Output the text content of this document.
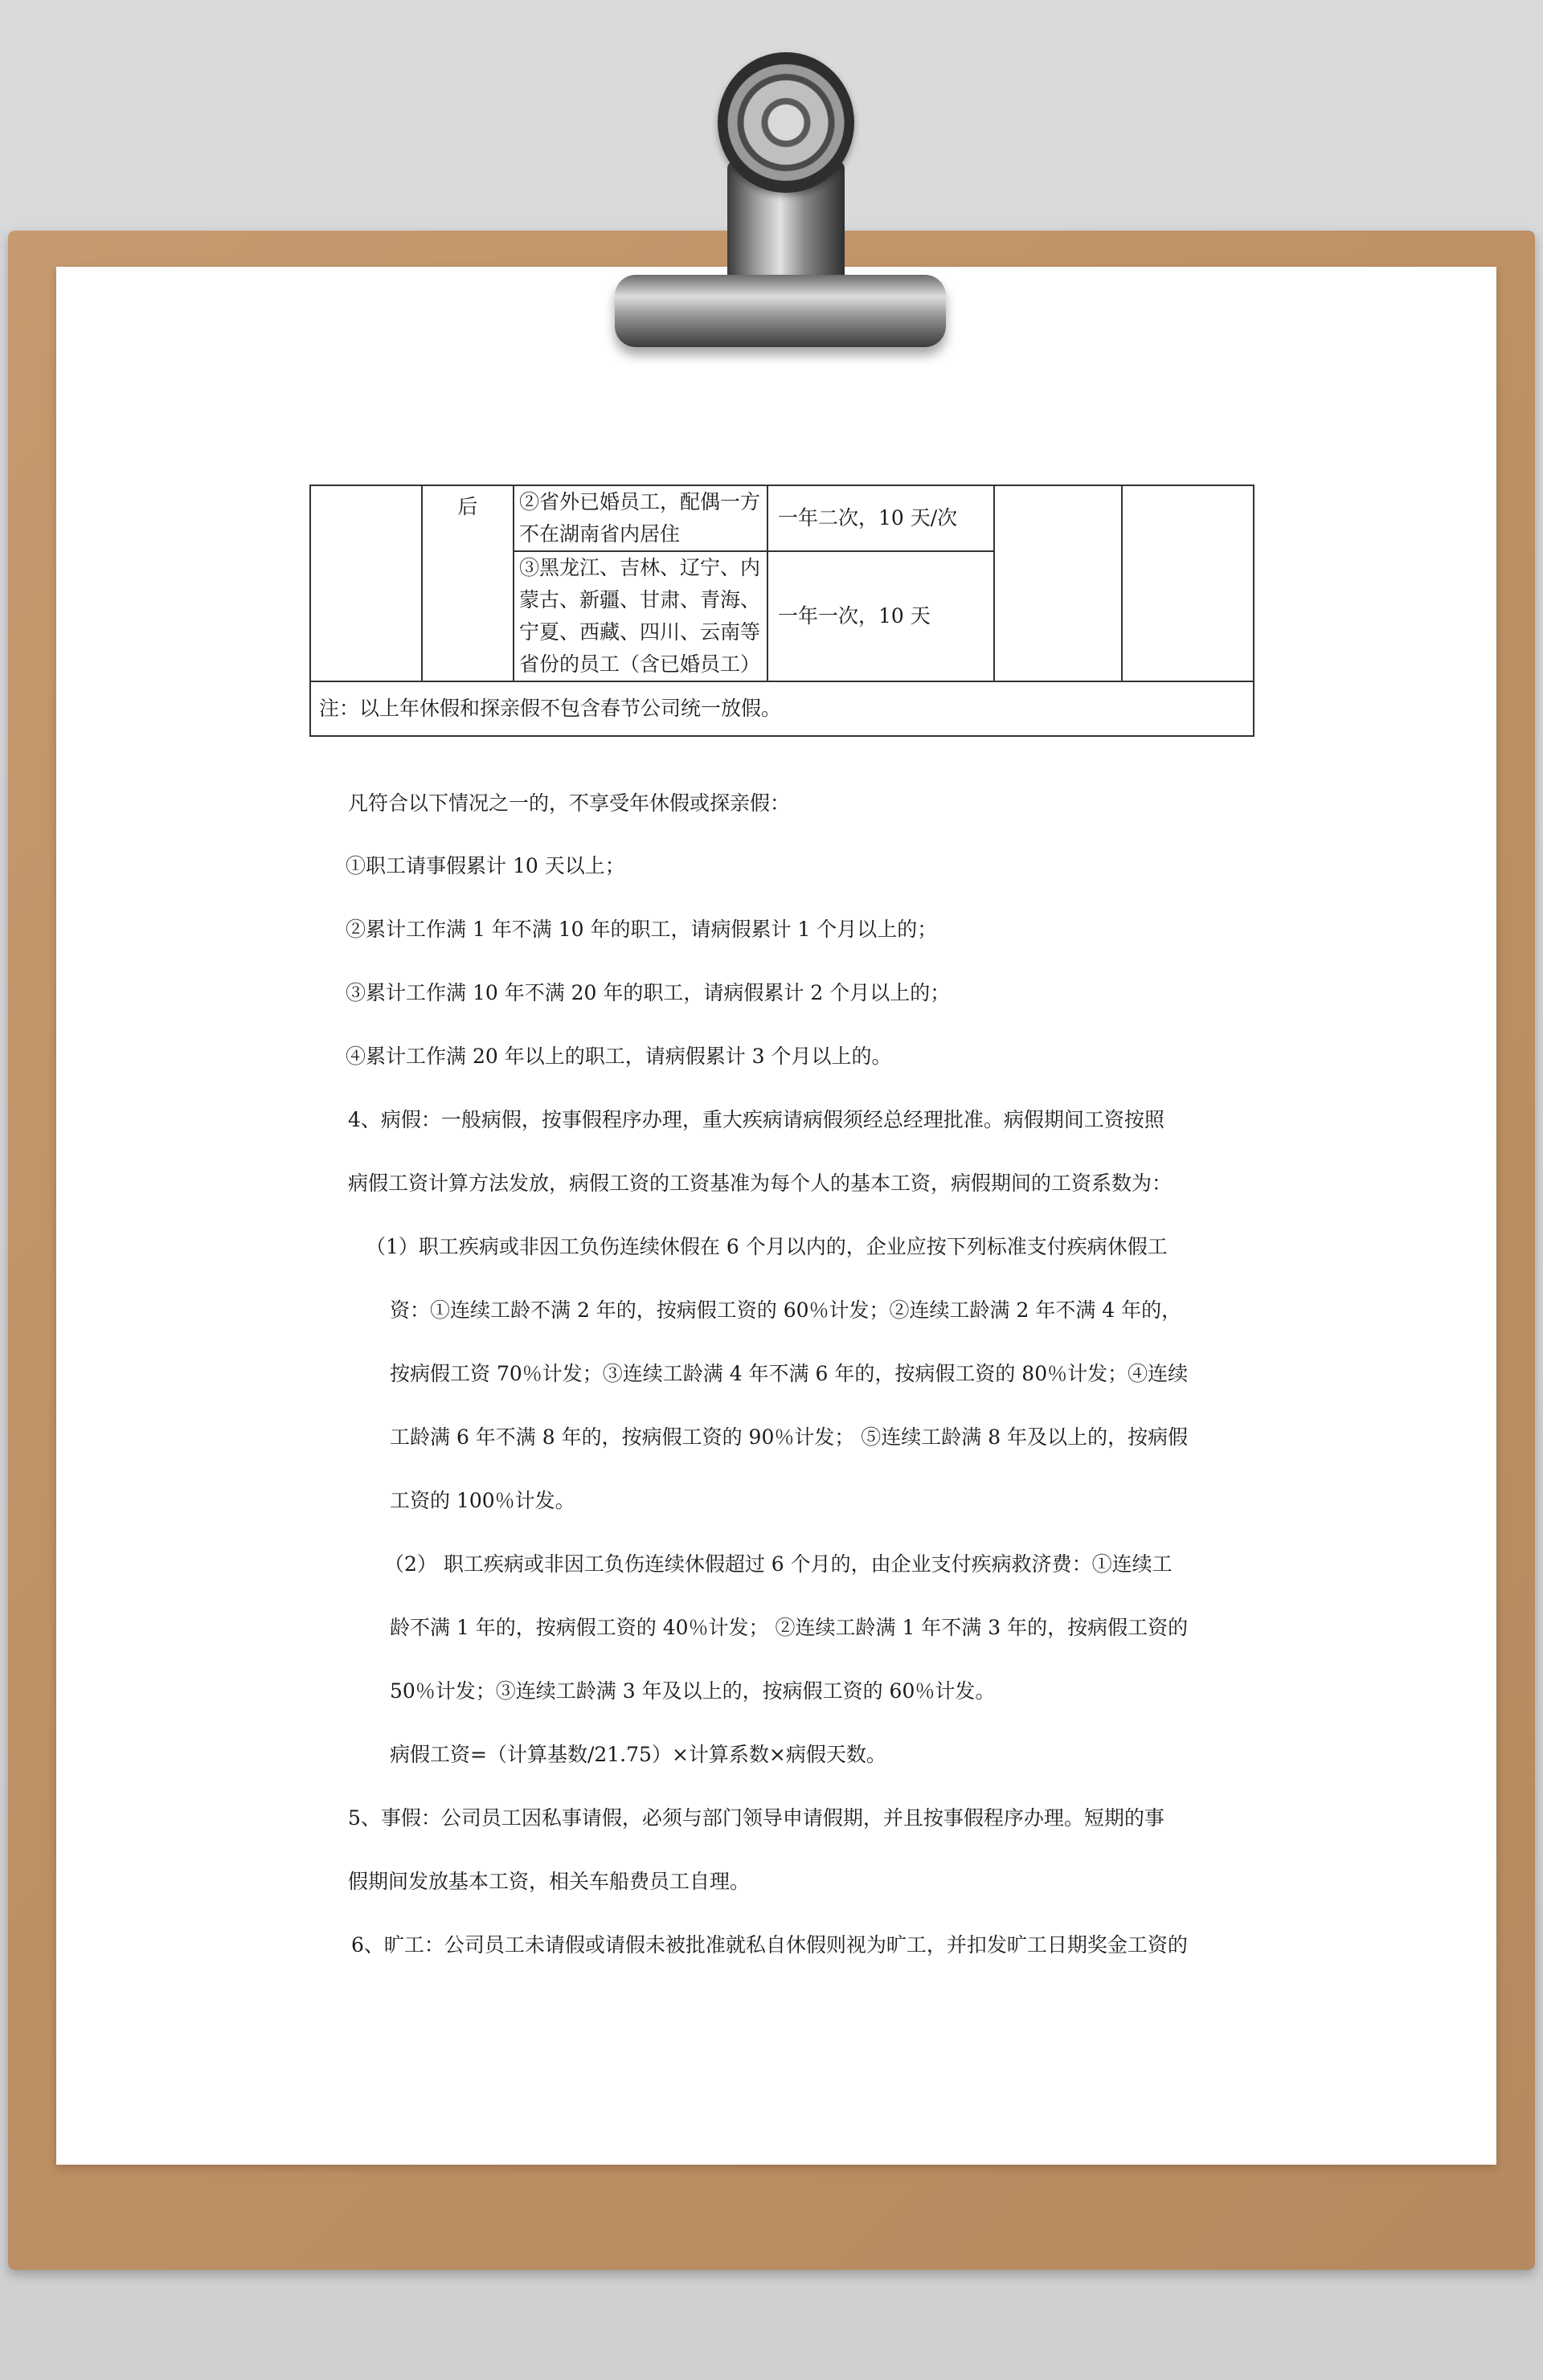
	后	②省外已婚员工，配偶一方不在湖南省内居住	一年二次，10 天/次		
		③黑龙江、吉林、辽宁、内蒙古、新疆、甘肃、青海、宁夏、西藏、四川、云南等省份的员工（含已婚员工）	一年一次，10 天		
注：以上年休假和探亲假不包含春节公司统一放假。					
凡符合以下情况之一的，不享受年休假或探亲假：
①职工请事假累计 10 天以上；
②累计工作满 1 年不满 10 年的职工，请病假累计 1 个月以上的；
③累计工作满 10 年不满 20 年的职工，请病假累计 2 个月以上的；
④累计工作满 20 年以上的职工，请病假累计 3 个月以上的。
4、病假：一般病假，按事假程序办理，重大疾病请病假须经总经理批准。病假期间工资按照
病假工资计算方法发放，病假工资的工资基准为每个人的基本工资，病假期间的工资系数为：
（1）职工疾病或非因工负伤连续休假在 6 个月以内的，企业应按下列标准支付疾病休假工
资：①连续工龄不满 2 年的，按病假工资的 60％计发；②连续工龄满 2 年不满 4 年的，
按病假工资 70％计发；③连续工龄满 4 年不满 6 年的，按病假工资的 80％计发；④连续
工龄满 6 年不满 8 年的，按病假工资的 90％计发； ⑤连续工龄满 8 年及以上的，按病假
工资的 100％计发。
（2） 职工疾病或非因工负伤连续休假超过 6 个月的，由企业支付疾病救济费：①连续工
龄不满 1 年的，按病假工资的 40％计发； ②连续工龄满 1 年不满 3 年的，按病假工资的
50％计发；③连续工龄满 3 年及以上的，按病假工资的 60％计发。
病假工资=（计算基数/21.75）×计算系数×病假天数。
5、事假：公司员工因私事请假，必须与部门领导申请假期，并且按事假程序办理。短期的事
假期间发放基本工资，相关车船费员工自理。
6、旷工：公司员工未请假或请假未被批准就私自休假则视为旷工，并扣发旷工日期奖金工资的
